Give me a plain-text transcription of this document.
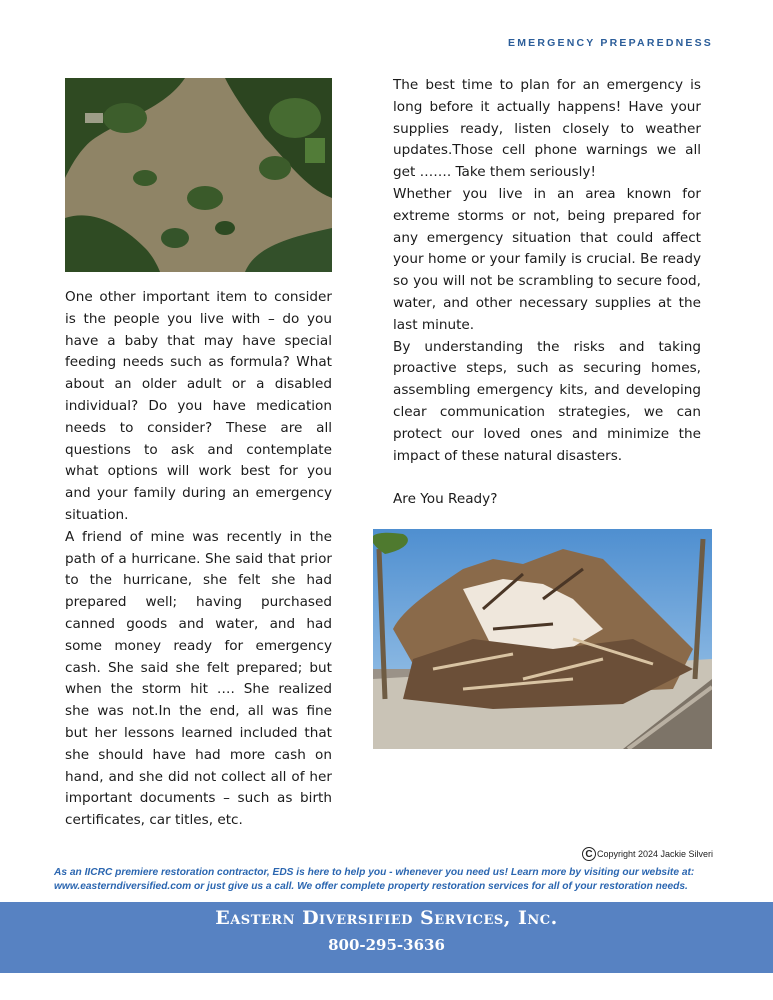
EMERGENCY PREPAREDNESS

One other important item to consider is the people you live with – do you have a baby that may have special feeding needs such as formula? What about an older adult or a disabled individual? Do you have medication needs to consider? These are all questions to ask and contemplate what options will work best for you and your family during an emergency situation.

A friend of mine was recently in the path of a hurricane. She said that prior to the hurricane, she felt she had prepared well; having purchased canned goods and water, and had some money ready for emergency cash. She said she felt prepared; but when the storm hit …. She realized she was not.In the end, all was fine but her lessons learned included that she should have had more cash on hand, and she did not collect all of her important documents – such as birth certificates, car titles, etc.

The best time to plan for an emergency is long before it actually happens! Have your supplies ready, listen closely to weather updates.Those cell phone warnings we all get ……. Take them seriously!

Whether you live in an area known for extreme storms or not, being prepared for any emergency situation that could affect your home or your family is crucial. Be ready so you will not be scrambling to secure food, water, and other necessary supplies at the last minute.

By understanding the risks and taking proactive steps, such as securing homes, assembling emergency kits, and developing clear communication strategies, we can protect our loved ones and minimize the impact of these natural disasters.

Are You Ready?

C Copyright 2024 Jackie Silveri
As an IICRC premiere restoration contractor, EDS is here to help you - whenever you need us! Learn more by visiting our website at: www.easterndiversified.com or just give us a call. We offer complete property restoration services for all of your restoration needs.
Eastern Diversified Services, Inc.
800-295-3636
